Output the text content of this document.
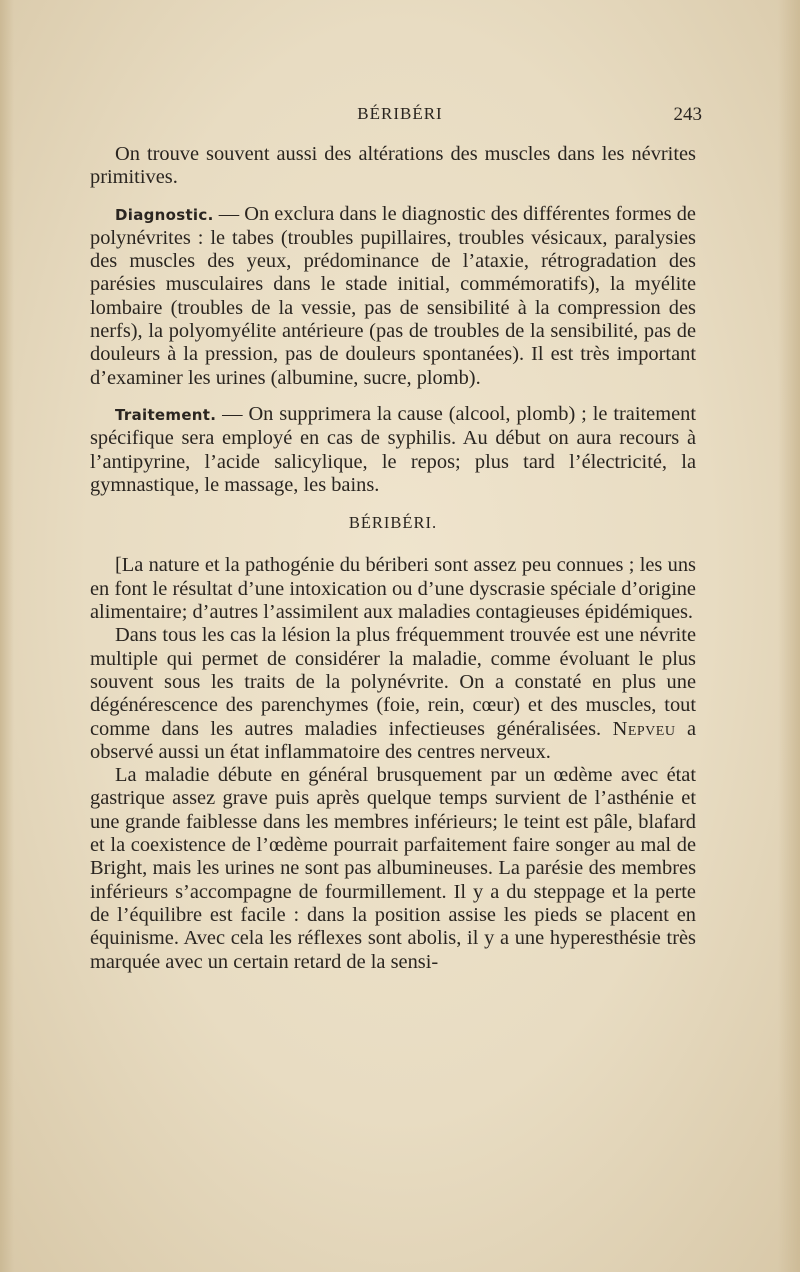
BÉRIBÉRI	243

On trouve souvent aussi des altérations des muscles dans les névrites primitives.

Diagnostic. — On exclura dans le diagnostic des différentes formes de polynévrites : le tabes (troubles pupillaires, troubles vésicaux, paralysies des muscles des yeux, prédominance de l’ataxie, rétrogradation des parésies musculaires dans le stade initial, commémoratifs), la myélite lombaire (troubles de la vessie, pas de sensibilité à la compression des nerfs), la polyomyélite antérieure (pas de troubles de la sensibilité, pas de douleurs à la pression, pas de douleurs spontanées). Il est très important d’examiner les urines (albumine, sucre, plomb).

Traitement. — On supprimera la cause (alcool, plomb) ; le traitement spécifique sera employé en cas de syphilis. Au début on aura recours à l’antipyrine, l’acide salicylique, le repos; plus tard l’électricité, la gymnastique, le massage, les bains.

BÉRIBÉRI.

[La nature et la pathogénie du bériberi sont assez peu connues ; les uns en font le résultat d’une intoxication ou d’une dyscrasie spéciale d’origine alimentaire; d’autres l’assimilent aux maladies contagieuses épidémiques.

Dans tous les cas la lésion la plus fréquemment trouvée est une névrite multiple qui permet de considérer la maladie, comme évoluant le plus souvent sous les traits de la polynévrite. On a constaté en plus une dégénérescence des parenchymes (foie, rein, cœur) et des muscles, tout comme dans les autres maladies infectieuses généralisées. Nepveu a observé aussi un état inflammatoire des centres nerveux.

La maladie débute en général brusquement par un œdème avec état gastrique assez grave puis après quelque temps survient de l’asthénie et une grande faiblesse dans les membres inférieurs; le teint est pâle, blafard et la coexistence de l’œdème pourrait parfaitement faire songer au mal de Bright, mais les urines ne sont pas albumineuses. La parésie des membres inférieurs s’accompagne de fourmillement. Il y a du steppage et la perte de l’équilibre est facile : dans la position assise les pieds se placent en équinisme. Avec cela les réflexes sont abolis, il y a une hyperesthésie très marquée avec un certain retard de la sensi-
